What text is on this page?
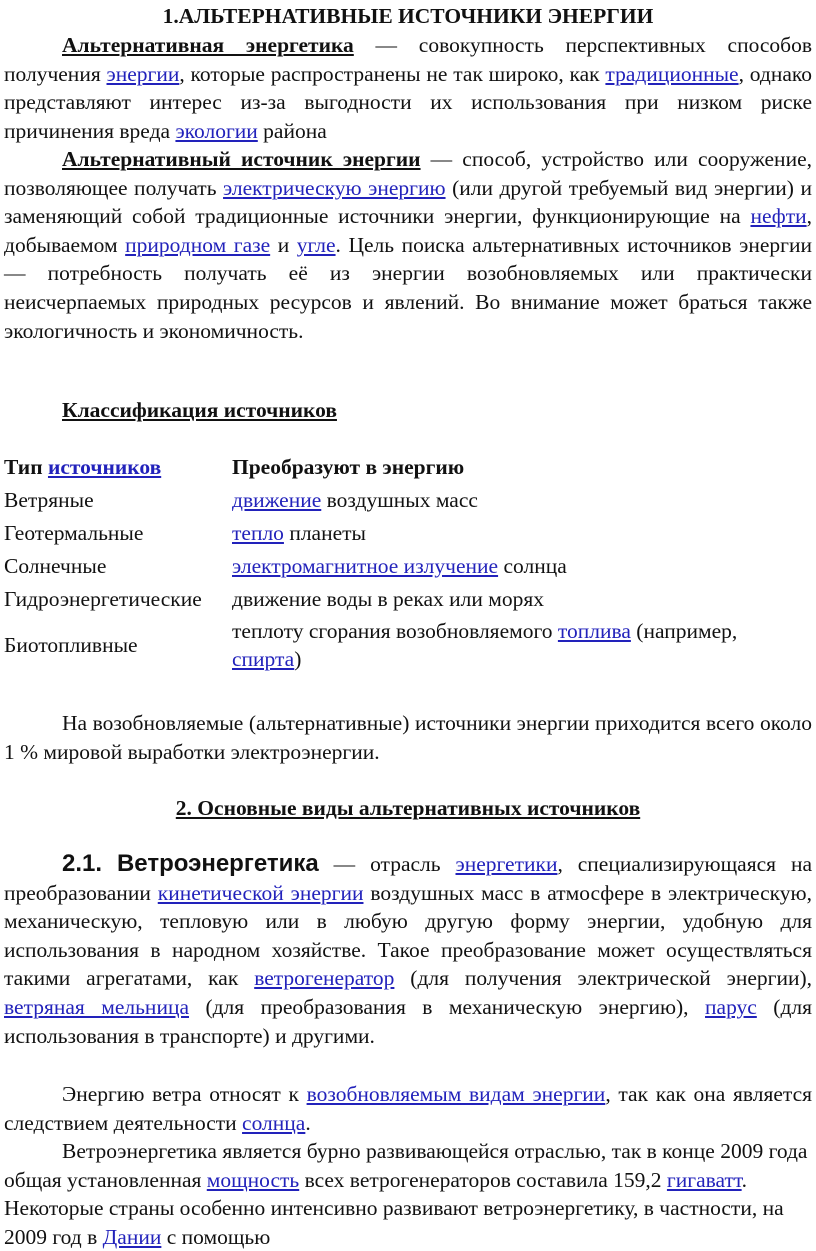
1.АЛЬТЕРНАТИВНЫЕ ИСТОЧНИКИ ЭНЕРГИИ
Альтернативная энергетика — совокупность перспективных способов получения энергии, которые распространены не так широко, как традиционные, однако представляют интерес из-за выгодности их использования при низком риске причинения вреда экологии района
Альтернативный источник энергии — способ, устройство или сооружение, позволяющее получать электрическую энергию (или другой требуемый вид энергии) и заменяющий собой традиционные источники энергии, функционирующие на нефти, добываемом природном газе и угле. Цель поиска альтернативных источников энергии — потребность получать её из энергии возобновляемых или практически неисчерпаемых природных ресурсов и явлений. Во внимание может браться также экологичность и экономичность.
Классификация источников
Тип источников	Преобразуют в энергию
Ветряные	движение воздушных масс
Геотермальные	тепло планеты
Солнечные	электромагнитное излучение солнца
Гидроэнергетические	движение воды в реках или морях
Биотопливные	теплоту сгорания возобновляемого топлива (например,
спирта)
На возобновляемые (альтернативные) источники энергии приходится всего около 1 % мировой выработки электроэнергии.
2. Основные виды альтернативных источников
2.1. Ветроэнергетика — отрасль энергетики, специализирующаяся на преобразовании кинетической энергии воздушных масс в атмосфере в электрическую, механическую, тепловую или в любую другую форму энергии, удобную для использования в народном хозяйстве. Такое преобразование может осуществляться такими агрегатами, как ветрогенератор (для получения электрической энергии), ветряная мельница (для преобразования в механическую энергию), парус (для использования в транспорте) и другими.
Энергию ветра относят к возобновляемым видам энергии, так как она является следствием деятельности солнца.
Ветроэнергетика является бурно развивающейся отраслью, так в конце 2009 года общая установленная мощность всех ветрогенераторов составила 159,2 гигаватт. Некоторые страны особенно интенсивно развивают ветроэнергетику, в частности, на 2009 год в Дании с помощью
